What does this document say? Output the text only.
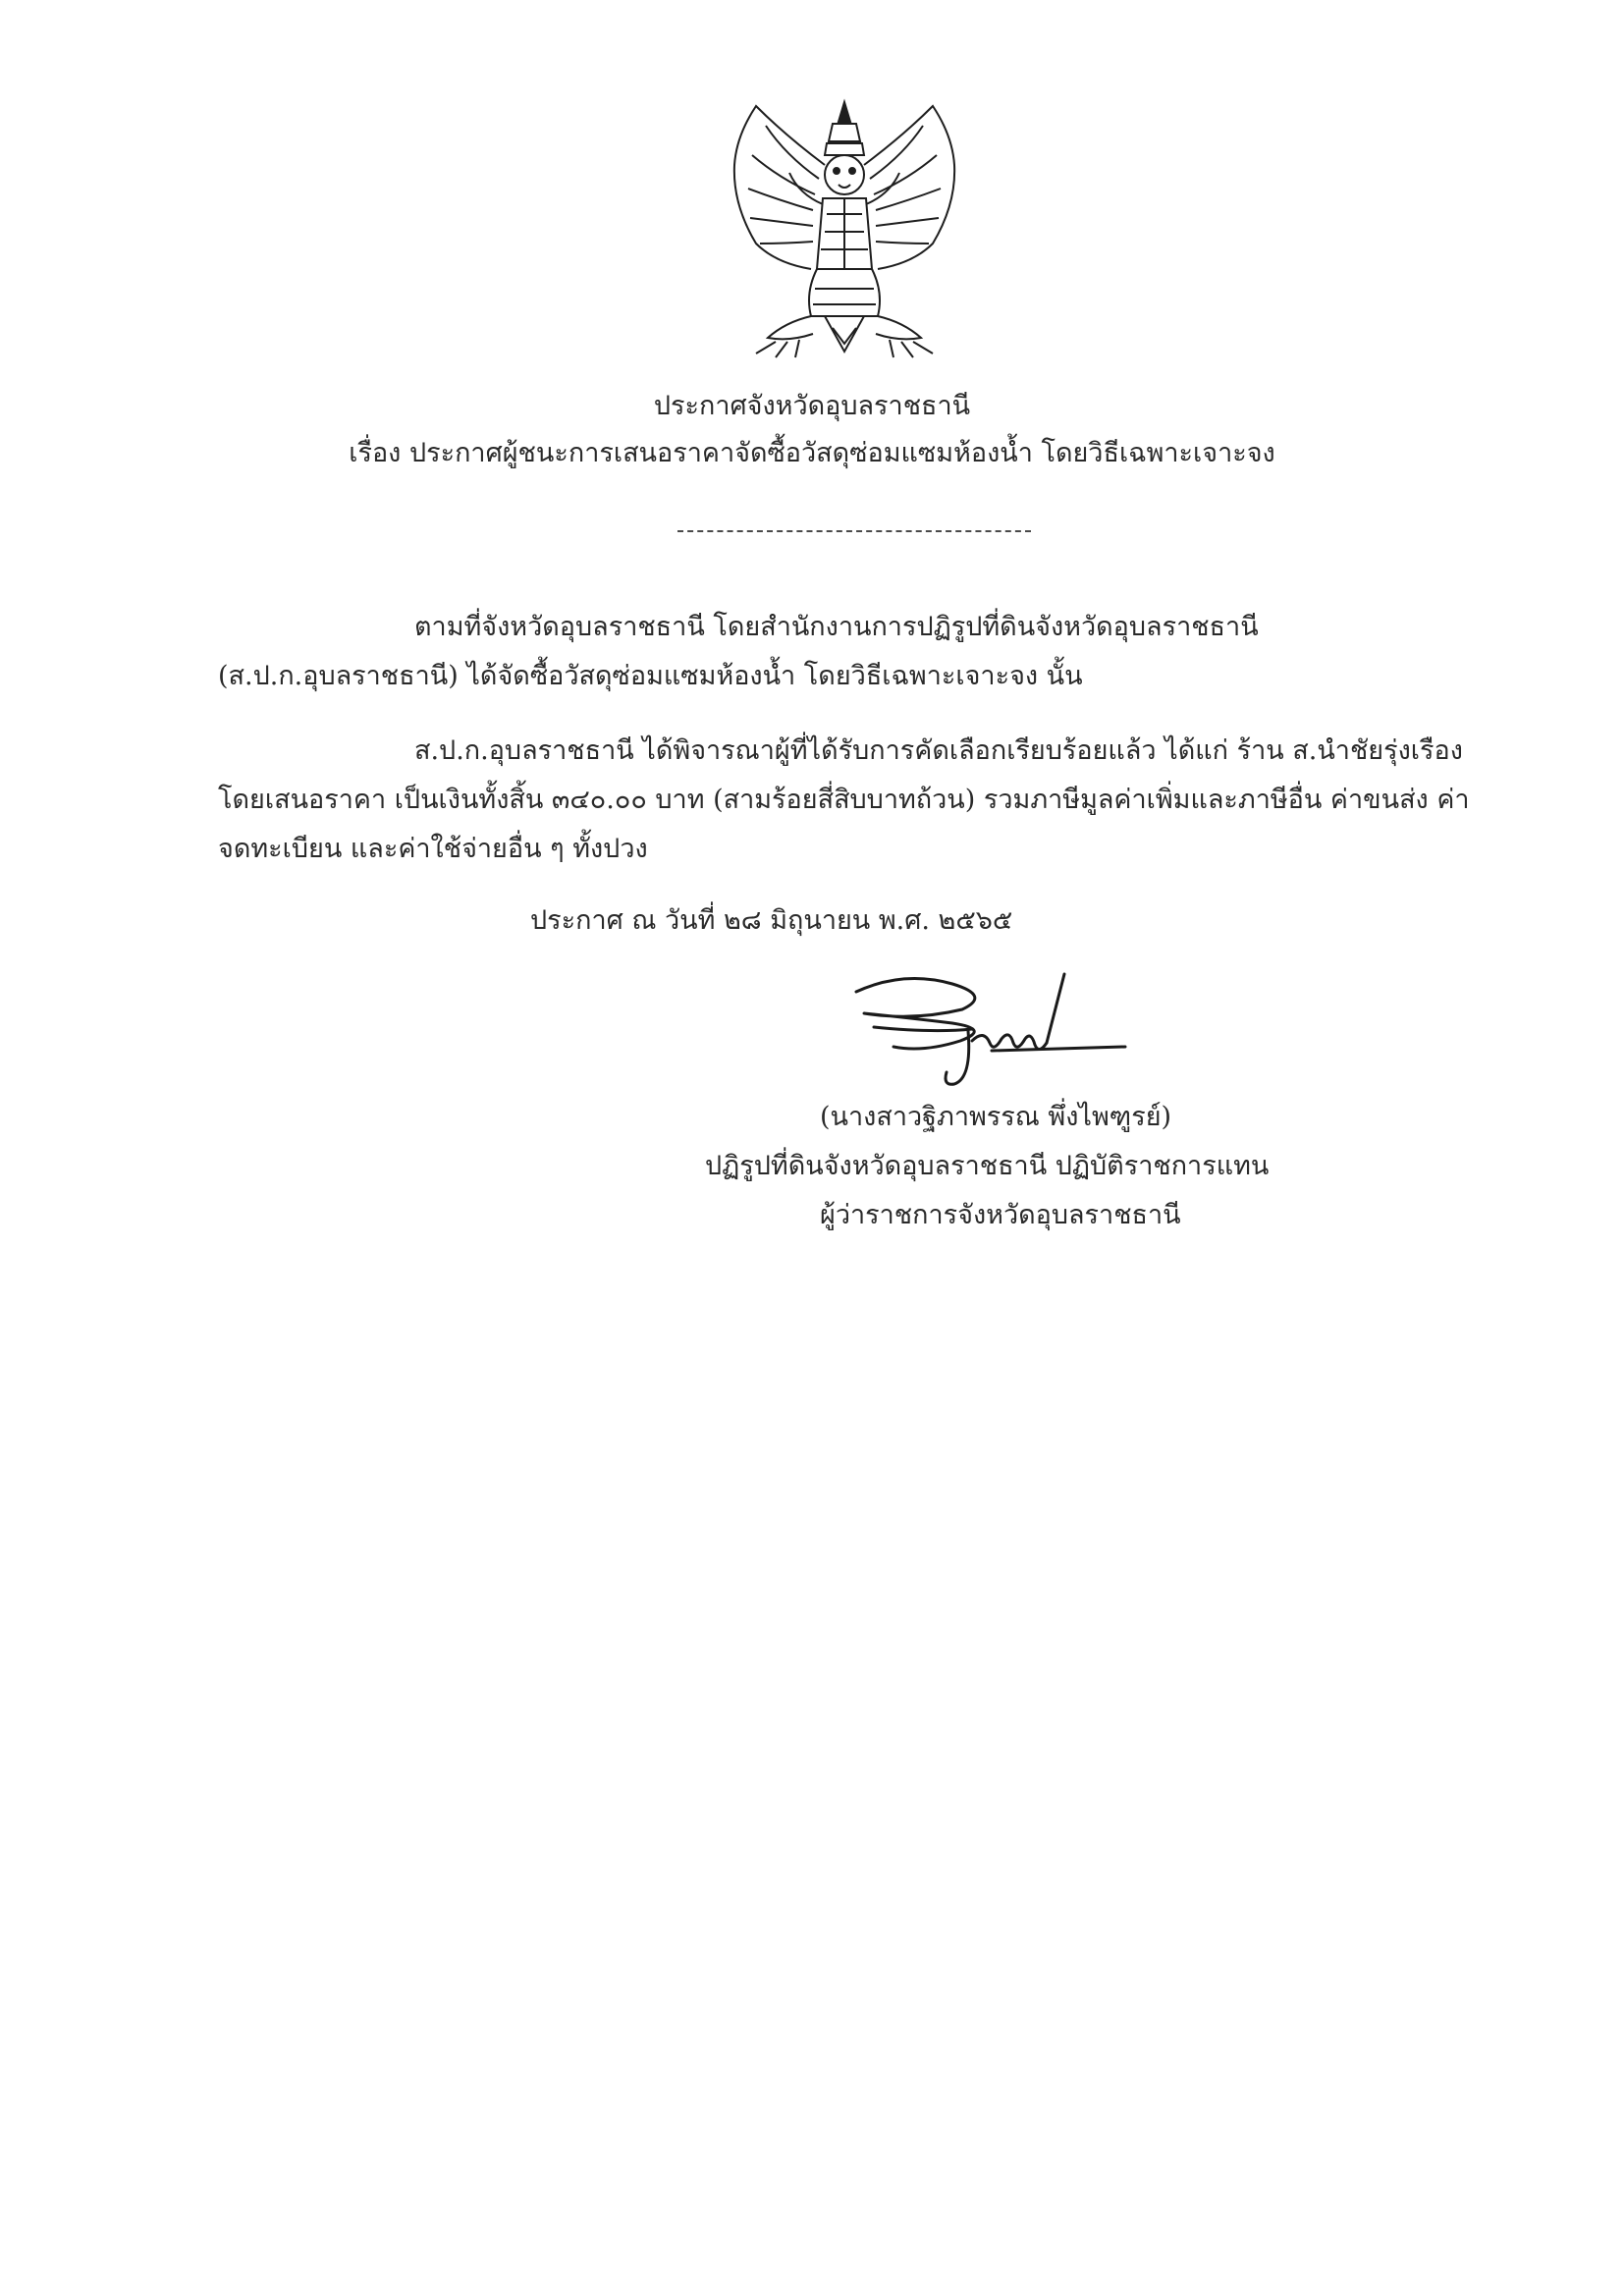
ประกาศจังหวัดอุบลราชธานี
เรื่อง ประกาศผู้ชนะการเสนอราคาจัดซื้อวัสดุซ่อมแซมห้องน้ำ โดยวิธีเฉพาะเจาะจง
ตามที่จังหวัดอุบลราชธานี โดยสำนักงานการปฏิรูปที่ดินจังหวัดอุบลราชธานี (ส.ป.ก.อุบลราชธานี) ได้จัดซื้อวัสดุซ่อมแซมห้องน้ำ โดยวิธีเฉพาะเจาะจง นั้น
ส.ป.ก.อุบลราชธานี ได้พิจารณาผู้ที่ได้รับการคัดเลือกเรียบร้อยแล้ว ได้แก่ ร้าน ส.นำชัยรุ่งเรือง โดยเสนอราคา เป็นเงินทั้งสิ้น ๓๔๐.๐๐ บาท (สามร้อยสี่สิบบาทถ้วน) รวมภาษีมูลค่าเพิ่มและภาษีอื่น ค่าขนส่ง ค่าจดทะเบียน และค่าใช้จ่ายอื่น ๆ ทั้งปวง
ประกาศ ณ วันที่ ๒๘ มิถุนายน พ.ศ. ๒๕๖๕
(นางสาวฐิภาพรรณ พึ่งไพฑูรย์)
ปฏิรูปที่ดินจังหวัดอุบลราชธานี ปฏิบัติราชการแทน
ผู้ว่าราชการจังหวัดอุบลราชธานี
